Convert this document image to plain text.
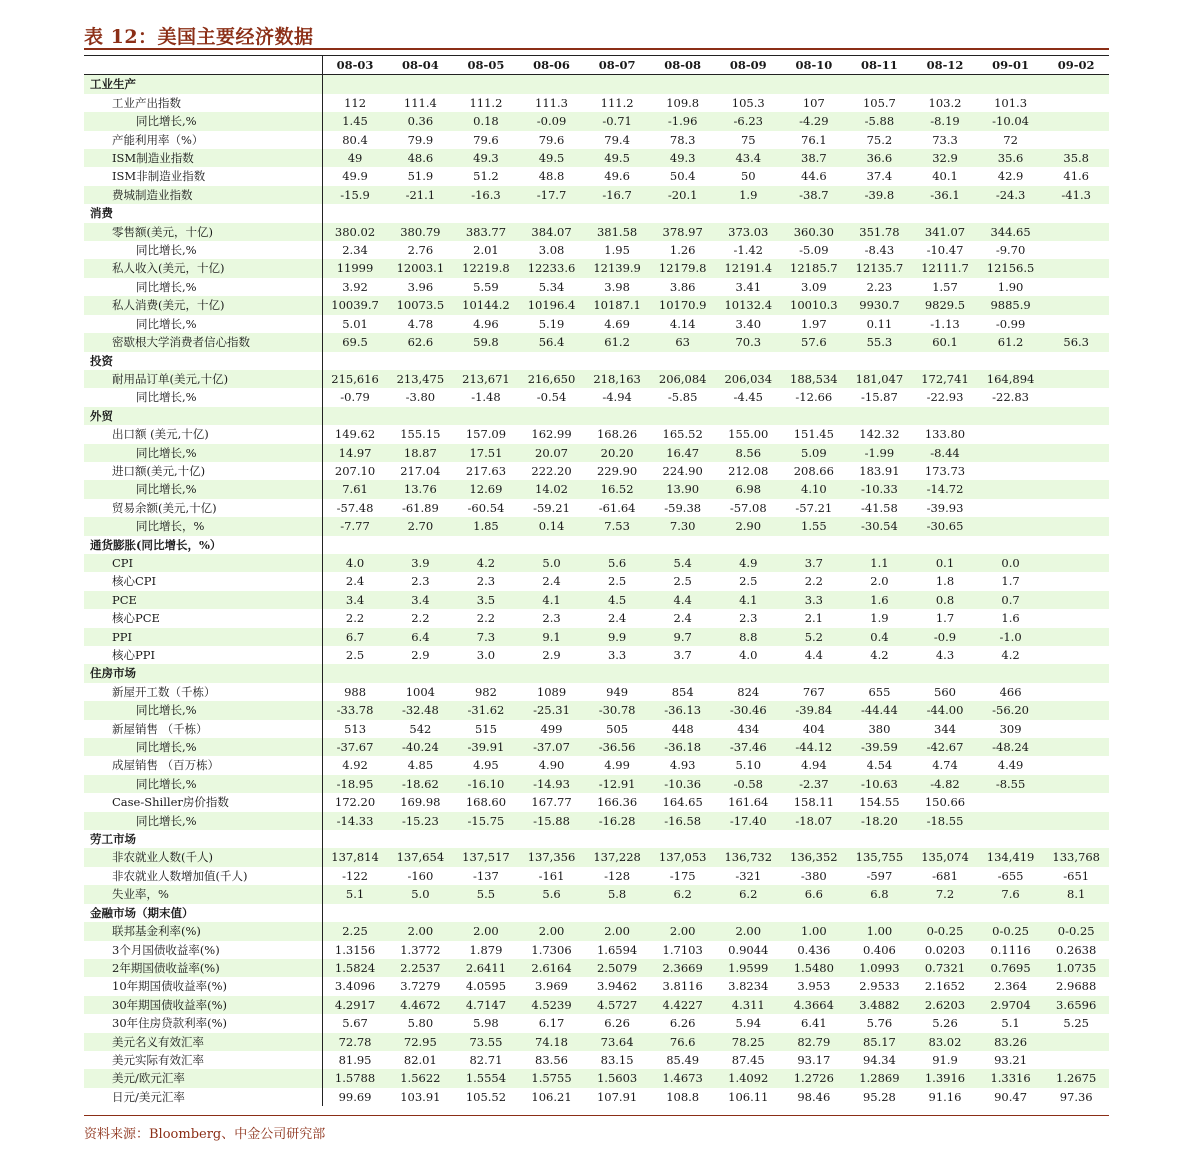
表 12：美国主要经济数据
	08-03	08-04	08-05	08-06	08-07	08-08	08-09	08-10	08-11	08-12	09-01	09-02
工业生产												
工业产出指数	112	111.4	111.2	111.3	111.2	109.8	105.3	107	105.7	103.2	101.3	
同比增长,%	1.45	0.36	0.18	-0.09	-0.71	-1.96	-6.23	-4.29	-5.88	-8.19	-10.04	
产能利用率（%）	80.4	79.9	79.6	79.6	79.4	78.3	75	76.1	75.2	73.3	72	
ISM制造业指数	49	48.6	49.3	49.5	49.5	49.3	43.4	38.7	36.6	32.9	35.6	35.8
ISM非制造业指数	49.9	51.9	51.2	48.8	49.6	50.4	50	44.6	37.4	40.1	42.9	41.6
费城制造业指数	-15.9	-21.1	-16.3	-17.7	-16.7	-20.1	1.9	-38.7	-39.8	-36.1	-24.3	-41.3
消费												
零售额(美元，十亿)	380.02	380.79	383.77	384.07	381.58	378.97	373.03	360.30	351.78	341.07	344.65	
同比增长,%	2.34	2.76	2.01	3.08	1.95	1.26	-1.42	-5.09	-8.43	-10.47	-9.70	
私人收入(美元，十亿)	11999	12003.1	12219.8	12233.6	12139.9	12179.8	12191.4	12185.7	12135.7	12111.7	12156.5	
同比增长,%	3.92	3.96	5.59	5.34	3.98	3.86	3.41	3.09	2.23	1.57	1.90	
私人消费(美元，十亿)	10039.7	10073.5	10144.2	10196.4	10187.1	10170.9	10132.4	10010.3	9930.7	9829.5	9885.9	
同比增长,%	5.01	4.78	4.96	5.19	4.69	4.14	3.40	1.97	0.11	-1.13	-0.99	
密歇根大学消费者信心指数	69.5	62.6	59.8	56.4	61.2	63	70.3	57.6	55.3	60.1	61.2	56.3
投资												
耐用品订单(美元,十亿)	215,616	213,475	213,671	216,650	218,163	206,084	206,034	188,534	181,047	172,741	164,894	
同比增长,%	-0.79	-3.80	-1.48	-0.54	-4.94	-5.85	-4.45	-12.66	-15.87	-22.93	-22.83	
外贸												
出口额 (美元,十亿)	149.62	155.15	157.09	162.99	168.26	165.52	155.00	151.45	142.32	133.80		
同比增长,%	14.97	18.87	17.51	20.07	20.20	16.47	8.56	5.09	-1.99	-8.44		
进口额(美元,十亿)	207.10	217.04	217.63	222.20	229.90	224.90	212.08	208.66	183.91	173.73		
同比增长,%	7.61	13.76	12.69	14.02	16.52	13.90	6.98	4.10	-10.33	-14.72		
贸易余额(美元,十亿)	-57.48	-61.89	-60.54	-59.21	-61.64	-59.38	-57.08	-57.21	-41.58	-39.93		
同比增长，%	-7.77	2.70	1.85	0.14	7.53	7.30	2.90	1.55	-30.54	-30.65		
通货膨胀(同比增长，%）												
CPI	4.0	3.9	4.2	5.0	5.6	5.4	4.9	3.7	1.1	0.1	0.0	
核心CPI	2.4	2.3	2.3	2.4	2.5	2.5	2.5	2.2	2.0	1.8	1.7	
PCE	3.4	3.4	3.5	4.1	4.5	4.4	4.1	3.3	1.6	0.8	0.7	
核心PCE	2.2	2.2	2.2	2.3	2.4	2.4	2.3	2.1	1.9	1.7	1.6	
PPI	6.7	6.4	7.3	9.1	9.9	9.7	8.8	5.2	0.4	-0.9	-1.0	
核心PPI	2.5	2.9	3.0	2.9	3.3	3.7	4.0	4.4	4.2	4.3	4.2	
住房市场												
新屋开工数（千栋）	988	1004	982	1089	949	854	824	767	655	560	466	
同比增长,%	-33.78	-32.48	-31.62	-25.31	-30.78	-36.13	-30.46	-39.84	-44.44	-44.00	-56.20	
新屋销售 （千栋）	513	542	515	499	505	448	434	404	380	344	309	
同比增长,%	-37.67	-40.24	-39.91	-37.07	-36.56	-36.18	-37.46	-44.12	-39.59	-42.67	-48.24	
成屋销售 （百万栋）	4.92	4.85	4.95	4.90	4.99	4.93	5.10	4.94	4.54	4.74	4.49	
同比增长,%	-18.95	-18.62	-16.10	-14.93	-12.91	-10.36	-0.58	-2.37	-10.63	-4.82	-8.55	
Case-Shiller房价指数	172.20	169.98	168.60	167.77	166.36	164.65	161.64	158.11	154.55	150.66		
同比增长,%	-14.33	-15.23	-15.75	-15.88	-16.28	-16.58	-17.40	-18.07	-18.20	-18.55		
劳工市场												
非农就业人数(千人)	137,814	137,654	137,517	137,356	137,228	137,053	136,732	136,352	135,755	135,074	134,419	133,768
非农就业人数增加值(千人)	-122	-160	-137	-161	-128	-175	-321	-380	-597	-681	-655	-651
失业率，%	5.1	5.0	5.5	5.6	5.8	6.2	6.2	6.6	6.8	7.2	7.6	8.1
金融市场（期末值）												
联邦基金利率(%)	2.25	2.00	2.00	2.00	2.00	2.00	2.00	1.00	1.00	0-0.25	0-0.25	0-0.25
3个月国债收益率(%)	1.3156	1.3772	1.879	1.7306	1.6594	1.7103	0.9044	0.436	0.406	0.0203	0.1116	0.2638
2年期国债收益率(%)	1.5824	2.2537	2.6411	2.6164	2.5079	2.3669	1.9599	1.5480	1.0993	0.7321	0.7695	1.0735
10年期国债收益率(%)	3.4096	3.7279	4.0595	3.969	3.9462	3.8116	3.8234	3.953	2.9533	2.1652	2.364	2.9688
30年期国债收益率(%)	4.2917	4.4672	4.7147	4.5239	4.5727	4.4227	4.311	4.3664	3.4882	2.6203	2.9704	3.6596
30年住房贷款利率(%)	5.67	5.80	5.98	6.17	6.26	6.26	5.94	6.41	5.76	5.26	5.1	5.25
美元名义有效汇率	72.78	72.95	73.55	74.18	73.64	76.6	78.25	82.79	85.17	83.02	83.26	
美元实际有效汇率	81.95	82.01	82.71	83.56	83.15	85.49	87.45	93.17	94.34	91.9	93.21	
美元/欧元汇率	1.5788	1.5622	1.5554	1.5755	1.5603	1.4673	1.4092	1.2726	1.2869	1.3916	1.3316	1.2675
日元/美元汇率	99.69	103.91	105.52	106.21	107.91	108.8	106.11	98.46	95.28	91.16	90.47	97.36
资料来源：Bloomberg、中金公司研究部
